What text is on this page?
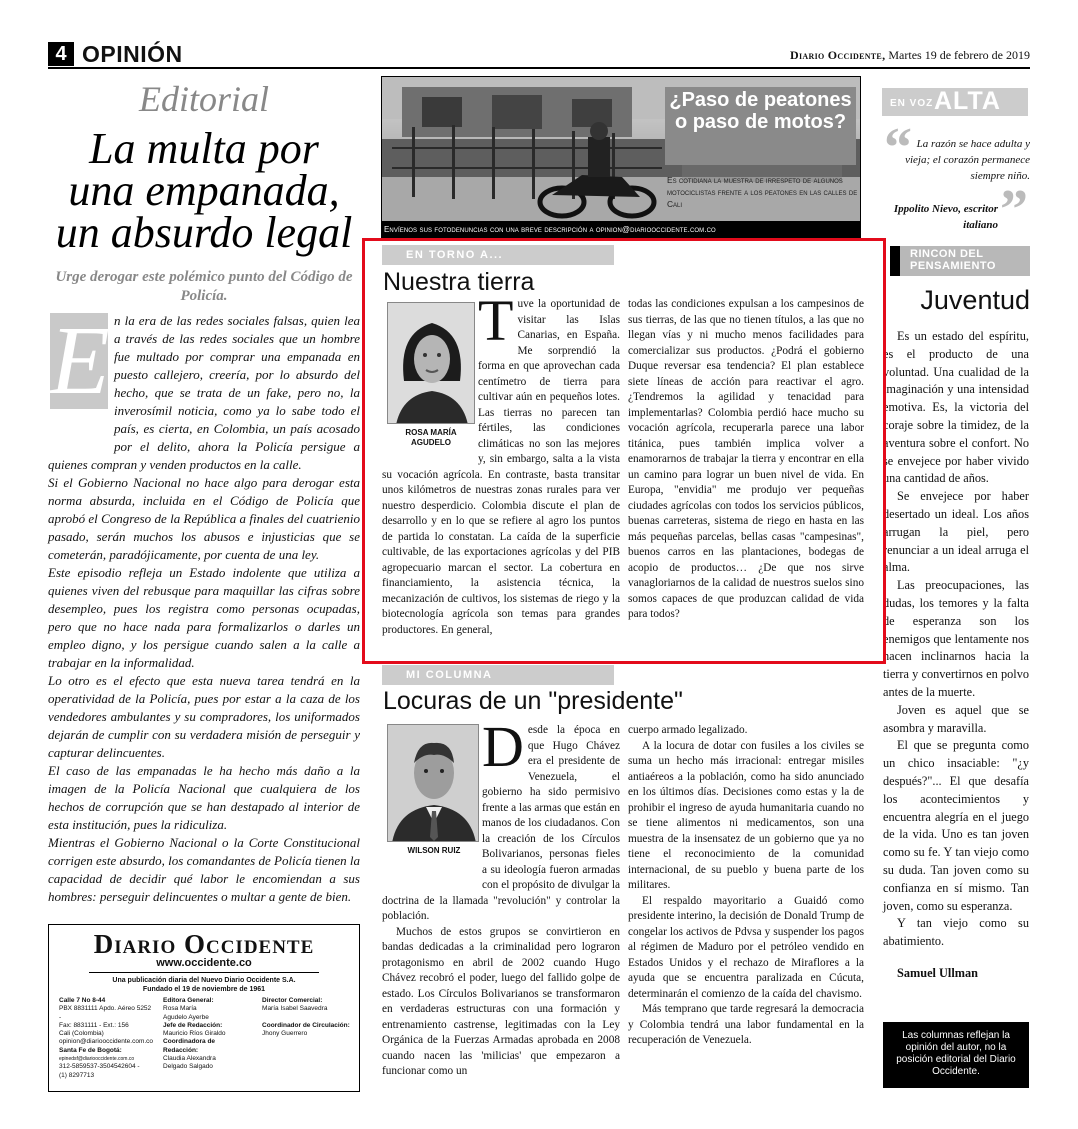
4 OPINIÓN	Diario Occidente, Martes 19 de febrero de 2019
Editorial
La multa por
una empanada,
un absurdo legal
Urge derogar este polémico punto del Código de Policía.

n la era de las redes sociales falsas, quien lea a través de las redes sociales que un hombre fue multado por comprar una empanada en puesto callejero, creería, por lo absurdo del hecho, que se trata de un fake, pero no, la inverosímil noticia, como ya lo sabe todo el país, es cierta, en Colombia, un país acosado por el delito, ahora la Policía persigue a quienes compran y venden productos en la calle.

Si el Gobierno Nacional no hace algo para derogar esta norma absurda, incluida en el Código de Policía que aprobó el Congreso de la República a finales del cuatrienio pasado, serán muchos los abusos e injusticias que se cometerán, paradójicamente, por cuenta de una ley.

Este episodio refleja un Estado indolente que utiliza a quienes viven del rebusque para maquillar las cifras sobre desempleo, pues los registra como personas ocupadas, pero que no hace nada para formalizarlos o darles un empleo digno, y los persigue cuando salen a la calle a trabajar en la informalidad.

Lo otro es el efecto que esta nueva tarea tendrá en la operatividad de la Policía, pues por estar a la caza de los vendedores ambulantes y su compradores, los uniformados dejarán de cumplir con su verdadera misión de perseguir y capturar delincuentes.

El caso de las empanadas le ha hecho más daño a la imagen de la Policía Nacional que cualquiera de los hechos de corrupción que se han destapado al interior de esta institución, pues la ridiculiza.

Mientras el Gobierno Nacional o la Corte Constitucional corrigen este absurdo, los comandantes de Policía tienen la capacidad de decidir qué labor le encomiendan a sus hombres: perseguir delincuentes o multar a gente de bien.

E
Diario Occidente
www.occidente.co
Una publicación diaria del Nuevo Diario Occidente S.A.
Fundado el 19 de noviembre de 1961
Calle 7 No 8-44
PBX 8831111 Apdo. Aéreo 5252 -
Fax: 8831111 - Ext.: 156
Cali (Colombia)
opinion@diariooccidente.com.co
Santa Fe de Bogotá:
epinedsf@diariooccidente.com.co
312-5859537-3504542604 -
(1) 8297713
Editora General:
Rosa María
Agudelo Ayerbe
Jefe de Redacción:
Mauricio Ríos Giraldo
Coordinadora de
Redacción:
Claudia Alexandra
Delgado Salgado
Director Comercial:
María Isabel Saavedra

Coordinador de Circulación:
Jhony Guerrero
¿Paso de peatones o paso de motos?
Es cotidiana la muestra de irrespeto de algunos motociclistas frente a los peatones en las calles de Cali
Envíenos sus fotodenuncias con una breve descripción a opinion@diariooccidente.com.co
EN VOZ ALTA
“ La razón se hace adulta y vieja; el corazón permanece siempre niño.
Ippolito Nievo, escritor italiano ”
RINCON DEL PENSAMIENTO
Juventud

Es un estado del espíritu, es el producto de una voluntad. Una cualidad de la imaginación y una intensidad emotiva. Es, la victoria del coraje sobre la timidez, de la aventura sobre el confort. No se envejece por haber vivido una cantidad de años.

Se envejece por haber desertado un ideal. Los años arrugan la piel, pero renunciar a un ideal arruga el alma.

Las preocupaciones, las dudas, los temores y la falta de esperanza son los enemigos que lentamente nos hacen inclinarnos hacia la tierra y convertirnos en polvo antes de la muerte.

Joven es aquel que se asombra y maravilla.

El que se pregunta como un chico insaciable: "¿y después?"... El que desafía los acontecimientos y encuentra alegría en el juego de la vida. Uno es tan joven como su fe. Y tan viejo como su duda. Tan joven como su confianza en sí mismo. Tan joven, como su esperanza.

Y tan viejo como su abatimiento.

Samuel Ullman

Las columnas reflejan la opinión del autor, no la posición editorial del Diario Occidente.
EN TORNO A...
Nuestra tierra
ROSA MARÍA AGUDELO
Tuve la oportunidad de visitar las Islas Canarias, en España. Me sorprendió la forma en que aprovechan cada centímetro de tierra para cultivar aún en pequeños lotes. Las tierras no parecen tan fértiles, las condiciones climáticas no son las mejores y, sin embargo, salta a la vista su vocación agrícola. En contraste, basta transitar unos kilómetros de nuestras zonas rurales para ver nuestro desperdicio. Colombia discute el plan de desarrollo y en lo que se refiere al agro los puntos de partida lo constatan. La caída de la superficie cultivable, de las exportaciones agrícolas y del PIB agropecuario marcan el sector. La cobertura en financiamiento, la asistencia técnica, la mecanización de cultivos, los sistemas de riego y la biotecnología agrícola son temas para grandes productores. En general,
todas las condiciones expulsan a los campesinos de sus tierras, de las que no tienen títulos, a las que no llegan vías y ni mucho menos facilidades para comercializar sus productos. ¿Podrá el gobierno Duque reversar esa tendencia? El plan establece siete líneas de acción para reactivar el agro. ¿Tendremos la agilidad y tenacidad para implementarlas? Colombia perdió hace mucho su vocación agrícola, recuperarla parece una labor titánica, pues también implica volver a enamorarnos de trabajar la tierra y encontrar en ella un camino para lograr un buen nivel de vida. En Europa, "envidia" me produjo ver pequeñas ciudades agrícolas con todos los servicios públicos, buenas carreteras, sistema de riego en hasta en las más pequeñas parcelas, bellas casas "campesinas", buenos carros en las plantaciones, bodegas de acopio de productos… ¿De que nos sirve vanagloriarnos de la calidad de nuestros suelos sino somos capaces de que produzcan calidad de vida para todos?
MI COLUMNA
Locuras de un "presidente"
WILSON RUIZ
Desde la época en que Hugo Chávez era el presidente de Venezuela, el gobierno ha sido permisivo frente a las armas que están en manos de los ciudadanos. Con la creación de los Círculos Bolivarianos, personas fieles a su ideología fueron armadas con el propósito de divulgar la doctrina de la llamada "revolución" y controlar la población.

Muchos de estos grupos se convirtieron en bandas dedicadas a la criminalidad pero lograron protagonismo en abril de 2002 cuando Hugo Chávez recobró el poder, luego del fallido golpe de estado. Los Círculos Bolivarianos se transformaron en verdaderas estructuras con una formación y entrenamiento castrense, legitimadas con la Ley Orgánica de la Fuerzas Armadas aprobada en 2008 cuando nacen las 'milicias' que empezaron a funcionar como un

cuerpo armado legalizado.

A la locura de dotar con fusiles a los civiles se suma un hecho más irracional: entregar misiles antiaéreos a la población, como ha sido anunciado en los últimos días. Decisiones como estas y la de prohibir el ingreso de ayuda humanitaria cuando no se tiene alimentos ni medicamentos, son una muestra de la insensatez de un gobierno que ya no tiene el reconocimiento de la comunidad internacional, de su pueblo y buena parte de los militares.

El respaldo mayoritario a Guaidó como presidente interino, la decisión de Donald Trump de congelar los activos de Pdvsa y suspender los pagos al régimen de Maduro por el petróleo vendido en Estados Unidos y el rechazo de Miraflores a la ayuda que se encuentra paralizada en Cúcuta, determinarán el comienzo de la caída del chavismo.

Más temprano que tarde regresará la democracia y Colombia tendrá una labor fundamental en la recuperación de Venezuela.
